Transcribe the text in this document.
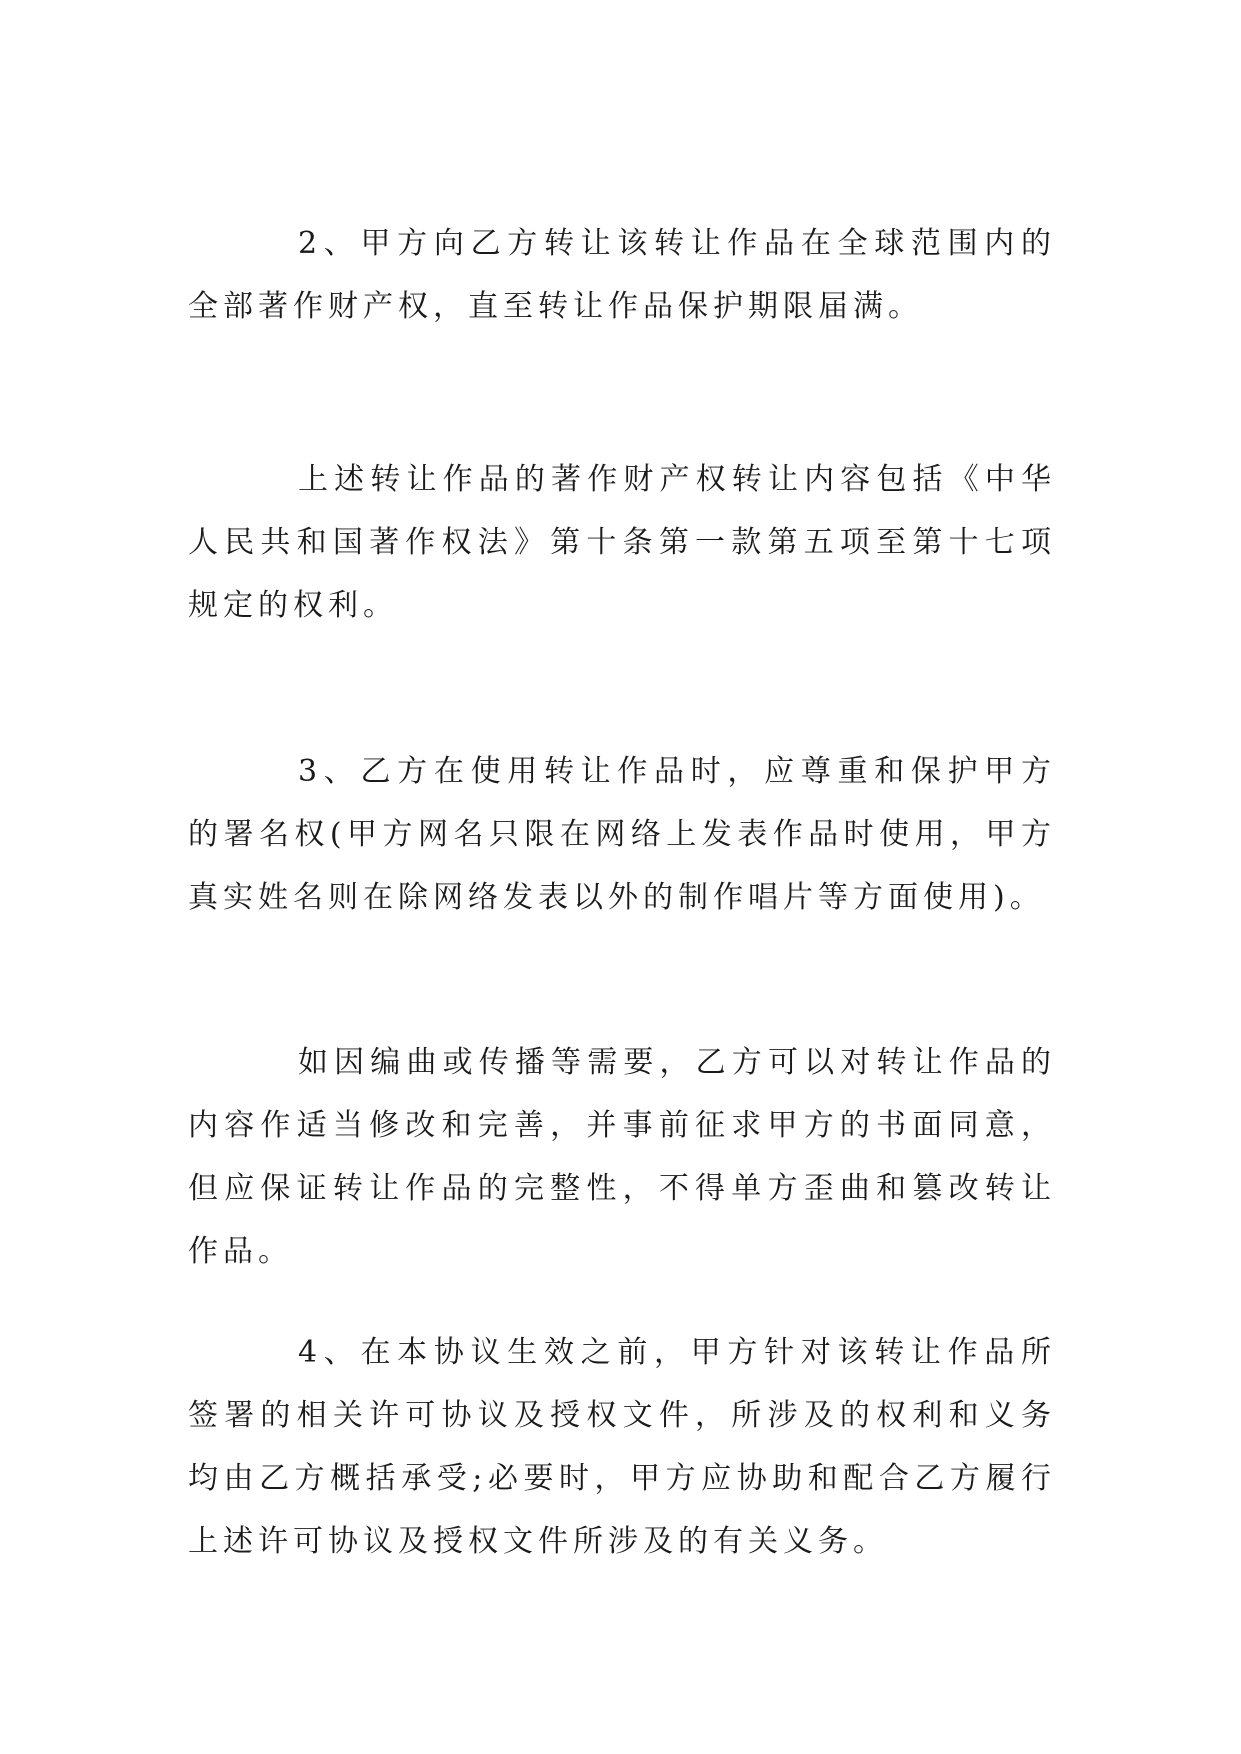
2、甲方向乙方转让该转让作品在全球范围内的全部著作财产权，直至转让作品保护期限届满。

上述转让作品的著作财产权转让内容包括《中华人民共和国著作权法》第十条第一款第五项至第十七项规定的权利。

3、乙方在使用转让作品时，应尊重和保护甲方的署名权(甲方网名只限在网络上发表作品时使用，甲方真实姓名则在除网络发表以外的制作唱片等方面使用)。

如因编曲或传播等需要，乙方可以对转让作品的内容作适当修改和完善，并事前征求甲方的书面同意，但应保证转让作品的完整性，不得单方歪曲和篡改转让作品。

4、在本协议生效之前，甲方针对该转让作品所签署的相关许可协议及授权文件，所涉及的权利和义务均由乙方概括承受;必要时，甲方应协助和配合乙方履行上述许可协议及授权文件所涉及的有关义务。
